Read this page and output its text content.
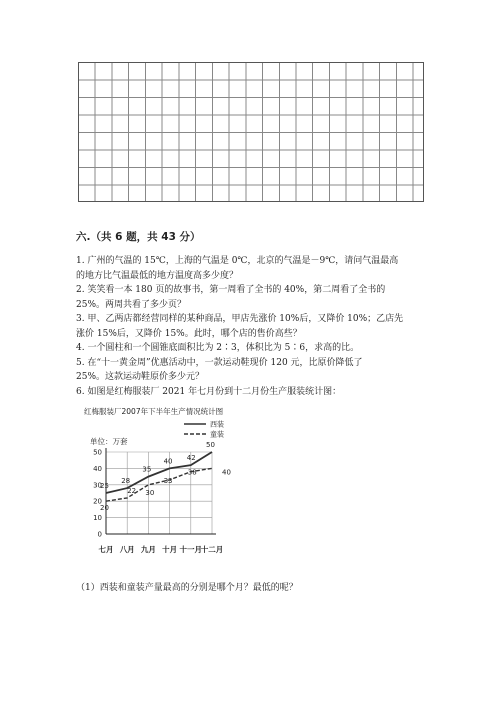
六.（共 6 题，共 43 分）
1. 广州的气温的 15℃，上海的气温是 0℃，北京的气温是－9℃，请问气温最高
的地方比气温最低的地方温度高多少度？
2. 笑笑看一本 180 页的故事书，第一周看了全书的 40%，第二周看了全书的
25%。两周共看了多少页？
3. 甲、乙两店都经营同样的某种商品，甲店先涨价 10%后，又降价 10%；乙店先
涨价 15%后，又降价 15%。此时，哪个店的售价高些？
4. 一个圆柱和一个圆锥底面积比为 2∶3，体积比为 5∶6，求高的比。
5. 在“十一黄金周”优惠活动中，一款运动鞋现价 120 元，比原价降低了
25%。这款运动鞋原价多少元？
6. 如图是红梅服装厂 2021 年七月份到十二月份生产服装统计图：
红梅服装厂2007年下半年生产情况统计图
单位：万套
西装
童装
0
10
20
30
40
50
七月 八月 九月 十月 十一月
十二月
25
28
35
40 42
50
20
22 30
33
38	40
（1）西装和童装产量最高的分别是哪个月？最低的呢？
